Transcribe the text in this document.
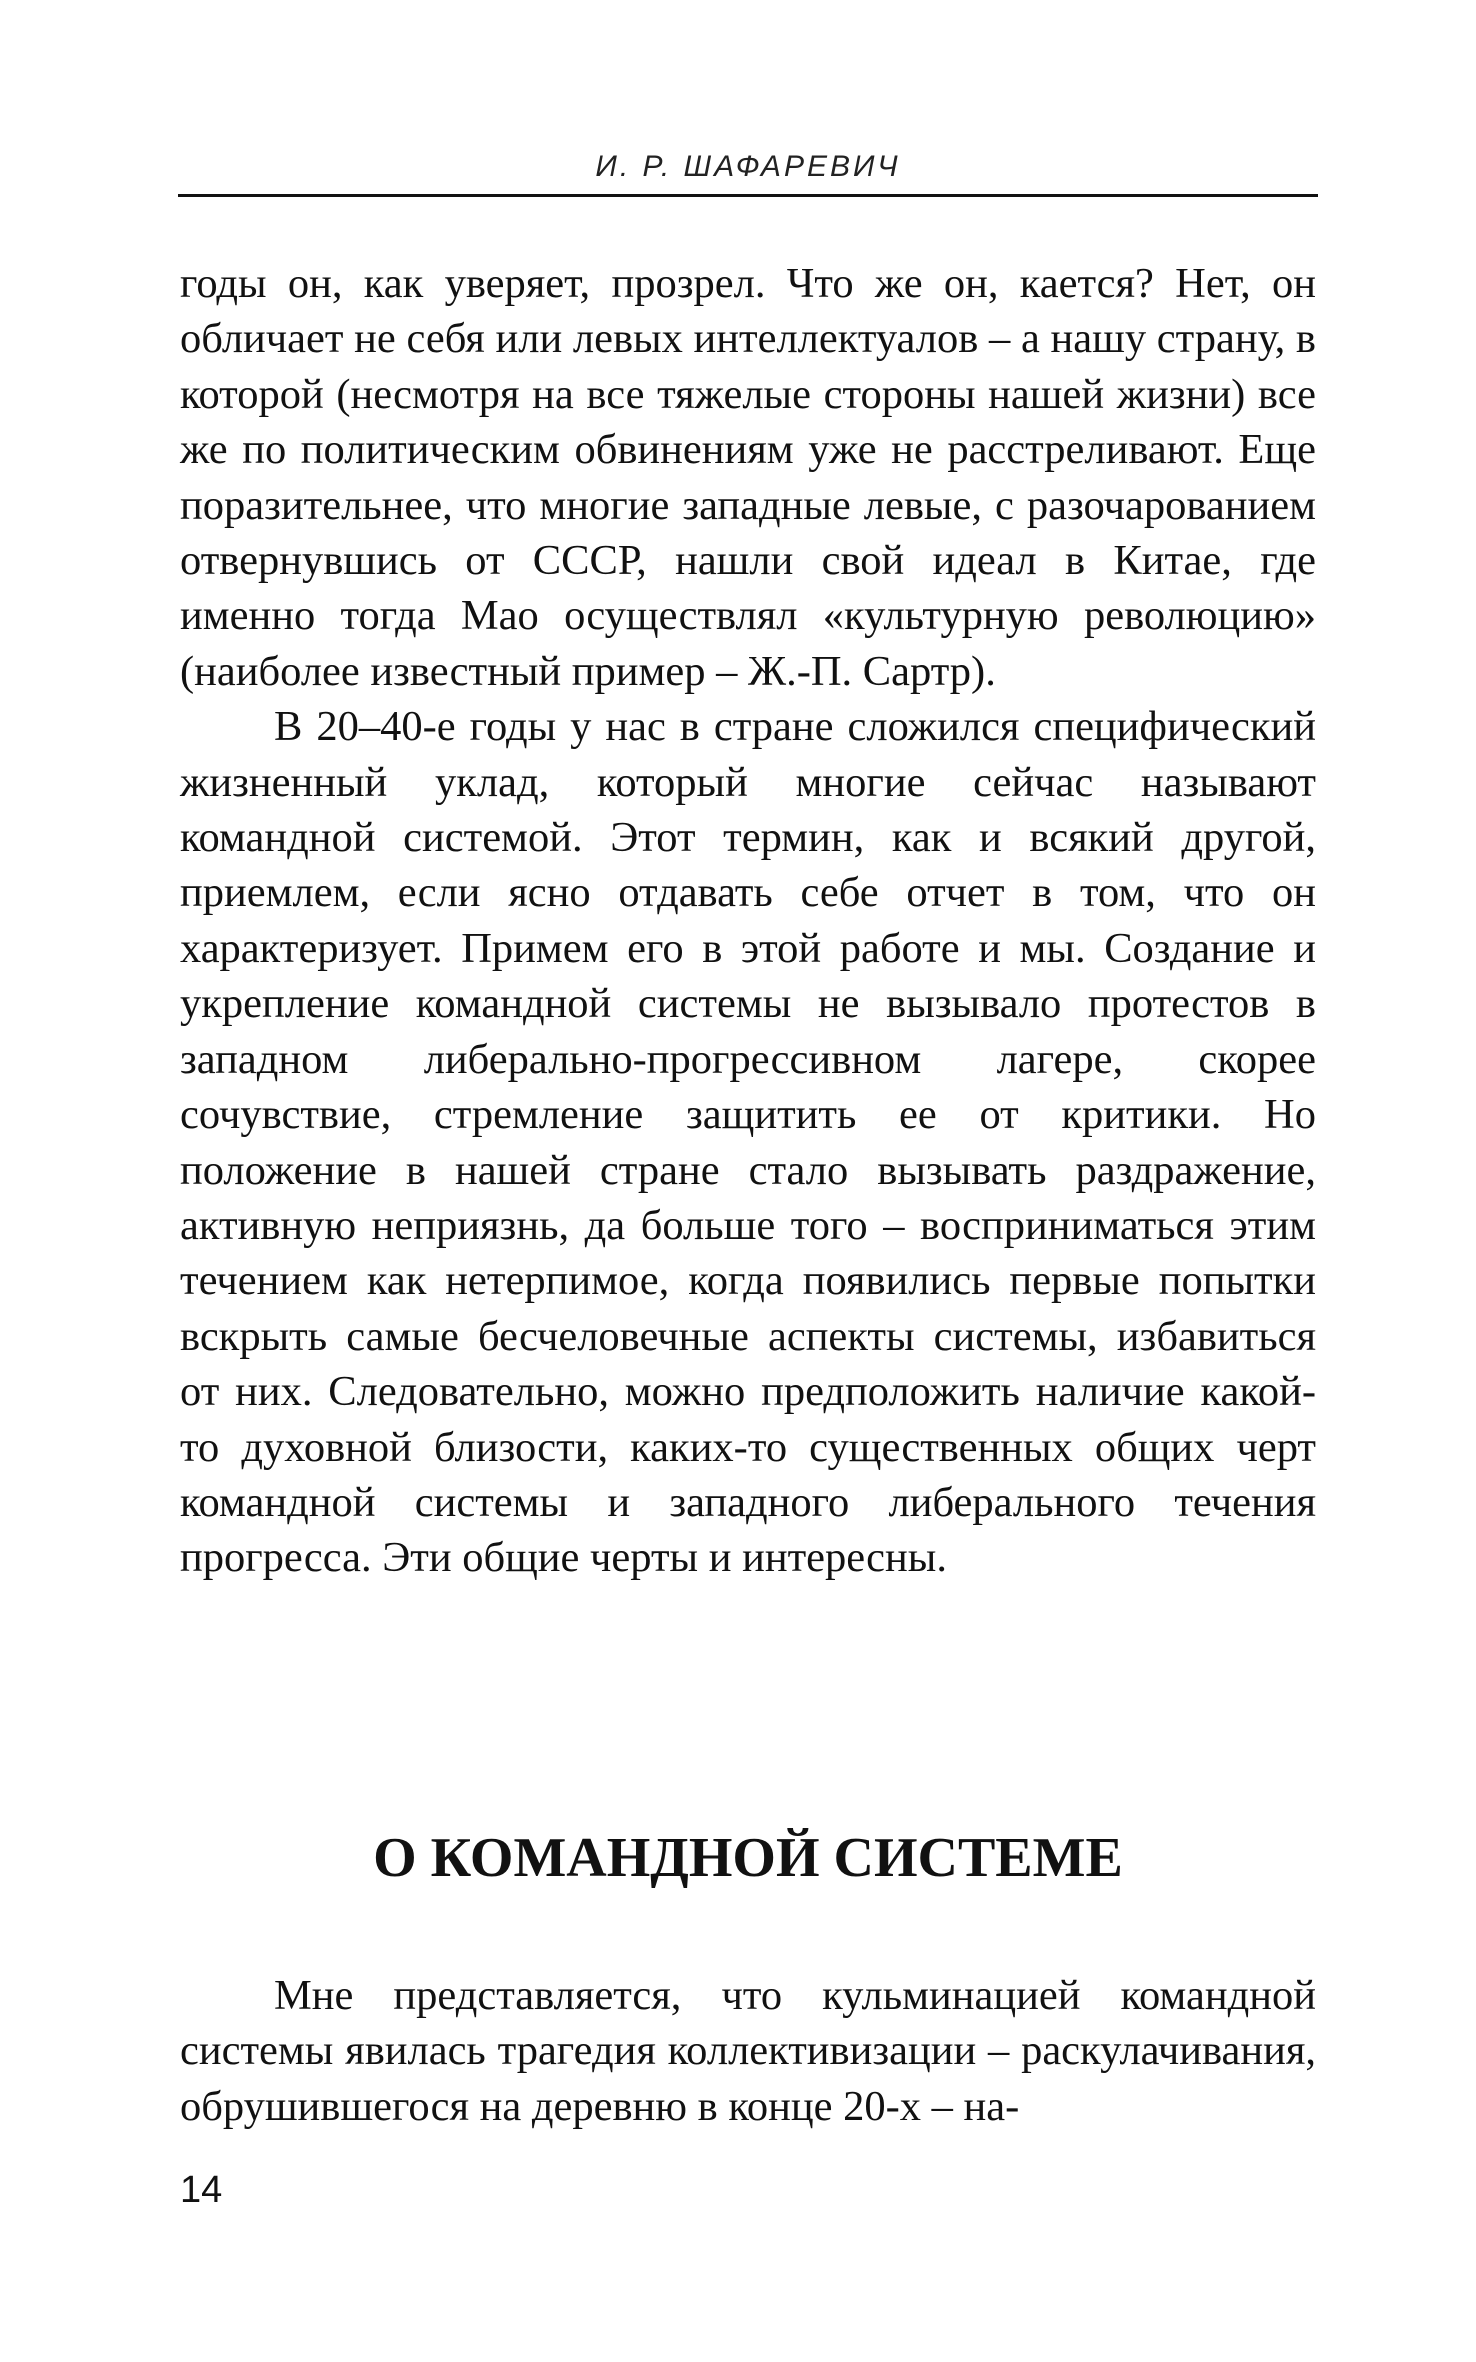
И. Р. ШАФАРЕВИЧ

годы он, как уверяет, прозрел. Что же он, кается? Нет, он обличает не себя или левых интеллектуалов – а нашу страну, в которой (несмотря на все тяжелые стороны нашей жизни) все же по политическим обвинениям уже не расстреливают. Еще поразительнее, что многие западные левые, с разочарованием отвернувшись от СССР, нашли свой идеал в Китае, где именно тогда Мао осуществлял «культурную революцию» (наиболее известный пример – Ж.-П. Сартр).

В 20–40-е годы у нас в стране сложился специфический жизненный уклад, который многие сейчас называют командной системой. Этот термин, как и всякий другой, приемлем, если ясно отдавать себе отчет в том, что он характеризует. Примем его в этой работе и мы. Создание и укрепление командной системы не вызывало протестов в западном либерально-прогрессивном лагере, скорее сочувствие, стремление защитить ее от критики. Но положение в нашей стране стало вызывать раздражение, активную неприязнь, да больше того – восприниматься этим течением как нетерпимое, когда появились первые попытки вскрыть самые бесчеловечные аспекты системы, избавиться от них. Следовательно, можно предположить наличие какой-то духовной близости, каких-то существенных общих черт командной системы и западного либерального течения прогресса. Эти общие черты и интересны.

О КОМАНДНОЙ СИСТЕМЕ

Мне представляется, что кульминацией командной системы явилась трагедия коллективизации – раскулачивания, обрушившегося на деревню в конце 20-х – на-

14
